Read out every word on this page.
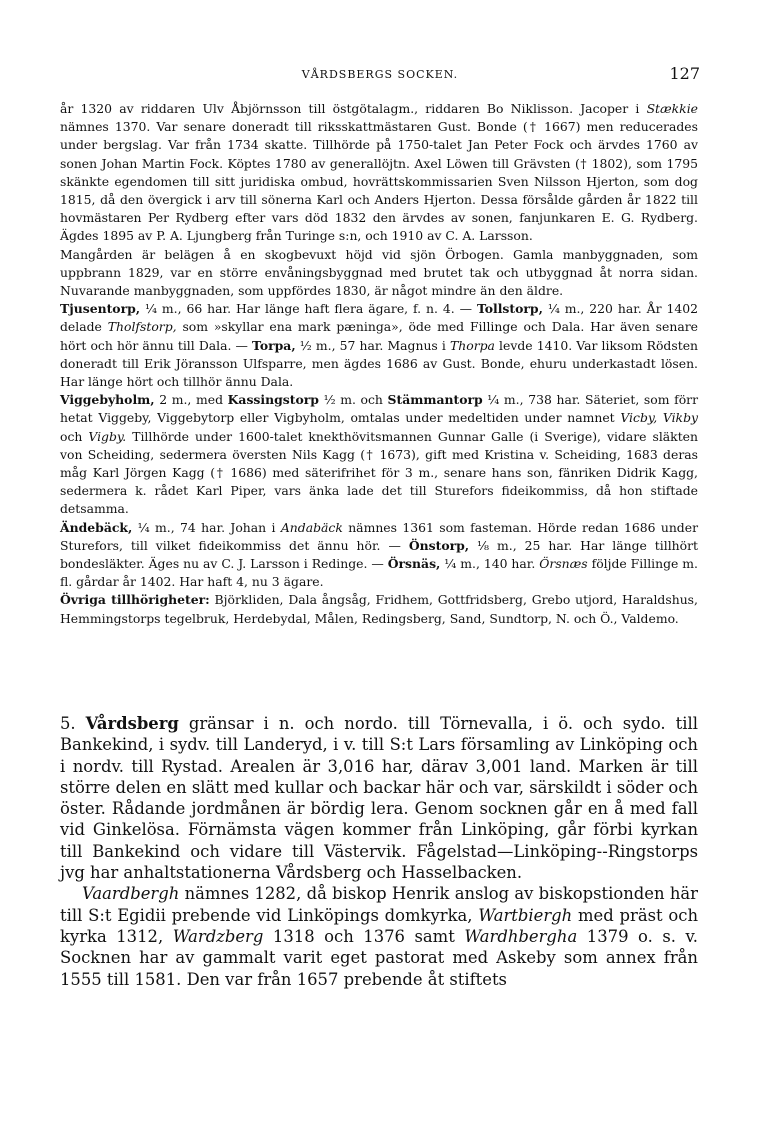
VÅRDSBERGS SOCKEN.	127

år 1320 av riddaren Ulv Åbjörnsson till östgötalagm., riddaren Bo Niklisson. Jacoper i Stækkie nämnes 1370. Var senare doneradt till riksskattmästaren Gust. Bonde († 1667) men reducerades under bergslag. Var från 1734 skatte. Tillhörde på 1750-talet Jan Peter Fock och ärvdes 1760 av sonen Johan Martin Fock. Köptes 1780 av generallöjtn. Axel Löwen till Grävsten († 1802), som 1795 skänkte egendomen till sitt juridiska ombud, hovrättskommissarien Sven Nilsson Hjerton, som dog 1815, då den övergick i arv till sönerna Karl och Anders Hjerton. Dessa försålde gården år 1822 till hovmästaren Per Rydberg efter vars död 1832 den ärvdes av sonen, fanjunkaren E. G. Rydberg. Ägdes 1895 av P. A. Ljungberg från Turinge s:n, och 1910 av C. A. Larsson.

Mangården är belägen å en skogbevuxt höjd vid sjön Örbogen. Gamla manbyggnaden, som uppbrann 1829, var en större envåningsbyggnad med brutet tak och utbyggnad åt norra sidan. Nuvarande manbyggnaden, som uppfördes 1830, är något mindre än den äldre.

Tjusentorp, ¼ m., 66 har. Har länge haft flera ägare, f. n. 4. — Tollstorp, ¼ m., 220 har. År 1402 delade Tholfstorp, som »skyllar ena mark pæninga», öde med Fillinge och Dala. Har även senare hört och hör ännu till Dala. — Torpa, ½ m., 57 har. Magnus i Thorpa levde 1410. Var liksom Rödsten doneradt till Erik Jöransson Ulfsparre, men ägdes 1686 av Gust. Bonde, ehuru underkastadt lösen. Har länge hört och tillhör ännu Dala.

Viggebyholm, 2 m., med Kassingstorp ½ m. och Stämmantorp ¼ m., 738 har. Säteriet, som förr hetat Viggeby, Viggebytorp eller Vigbyholm, omtalas under medeltiden under namnet Vicby, Vikby och Vigby. Tillhörde under 1600-talet knekthövitsmannen Gunnar Galle (i Sverige), vidare släkten von Scheiding, sedermera översten Nils Kagg († 1673), gift med Kristina v. Scheiding, 1683 deras måg Karl Jörgen Kagg († 1686) med säterifrihet för 3 m., senare hans son, fänriken Didrik Kagg, sedermera k. rådet Karl Piper, vars änka lade det till Sturefors fideikommiss, då hon stiftade detsamma.

Ändebäck, ¼ m., 74 har. Johan i Andabäck nämnes 1361 som fasteman. Hörde redan 1686 under Sturefors, till vilket fideikommiss det ännu hör. — Önstorp, ⅛ m., 25 har. Har länge tillhört bondesläkter. Äges nu av C. J. Larsson i Redinge. — Örsnäs, ¼ m., 140 har. Örsnæs följde Fillinge m. fl. gårdar år 1402. Har haft 4, nu 3 ägare.

Övriga tillhörigheter: Björkliden, Dala ångsåg, Fridhem, Gottfridsberg, Grebo utjord, Haraldshus, Hemmingstorps tegelbruk, Herdebydal, Målen, Redingsberg, Sand, Sundtorp, N. och Ö., Valdemo.

5. Vårdsberg gränsar i n. och nordo. till Törnevalla, i ö. och sydo. till Bankekind, i sydv. till Landeryd, i v. till S:t Lars församling av Linköping och i nordv. till Rystad. Arealen är 3,016 har, därav 3,001 land. Marken är till större delen en slätt med kullar och backar här och var, särskildt i söder och öster. Rådande jordmånen är bördig lera. Genom socknen går en å med fall vid Ginkelösa. Förnämsta vägen kommer från Linköping, går förbi kyrkan till Bankekind och vidare till Västervik. Fågelstad—Linköping--Ringstorps jvg har anhaltstationerna Vårdsberg och Hasselbacken.

Vaardbergh nämnes 1282, då biskop Henrik anslog av biskopstionden här till S:t Egidii prebende vid Linköpings domkyrka, Wartbiergh med präst och kyrka 1312, Wardzberg 1318 och 1376 samt Wardhbergha 1379 o. s. v. Socknen har av gammalt varit eget pastorat med Askeby som annex från 1555 till 1581. Den var från 1657 prebende åt stiftets
